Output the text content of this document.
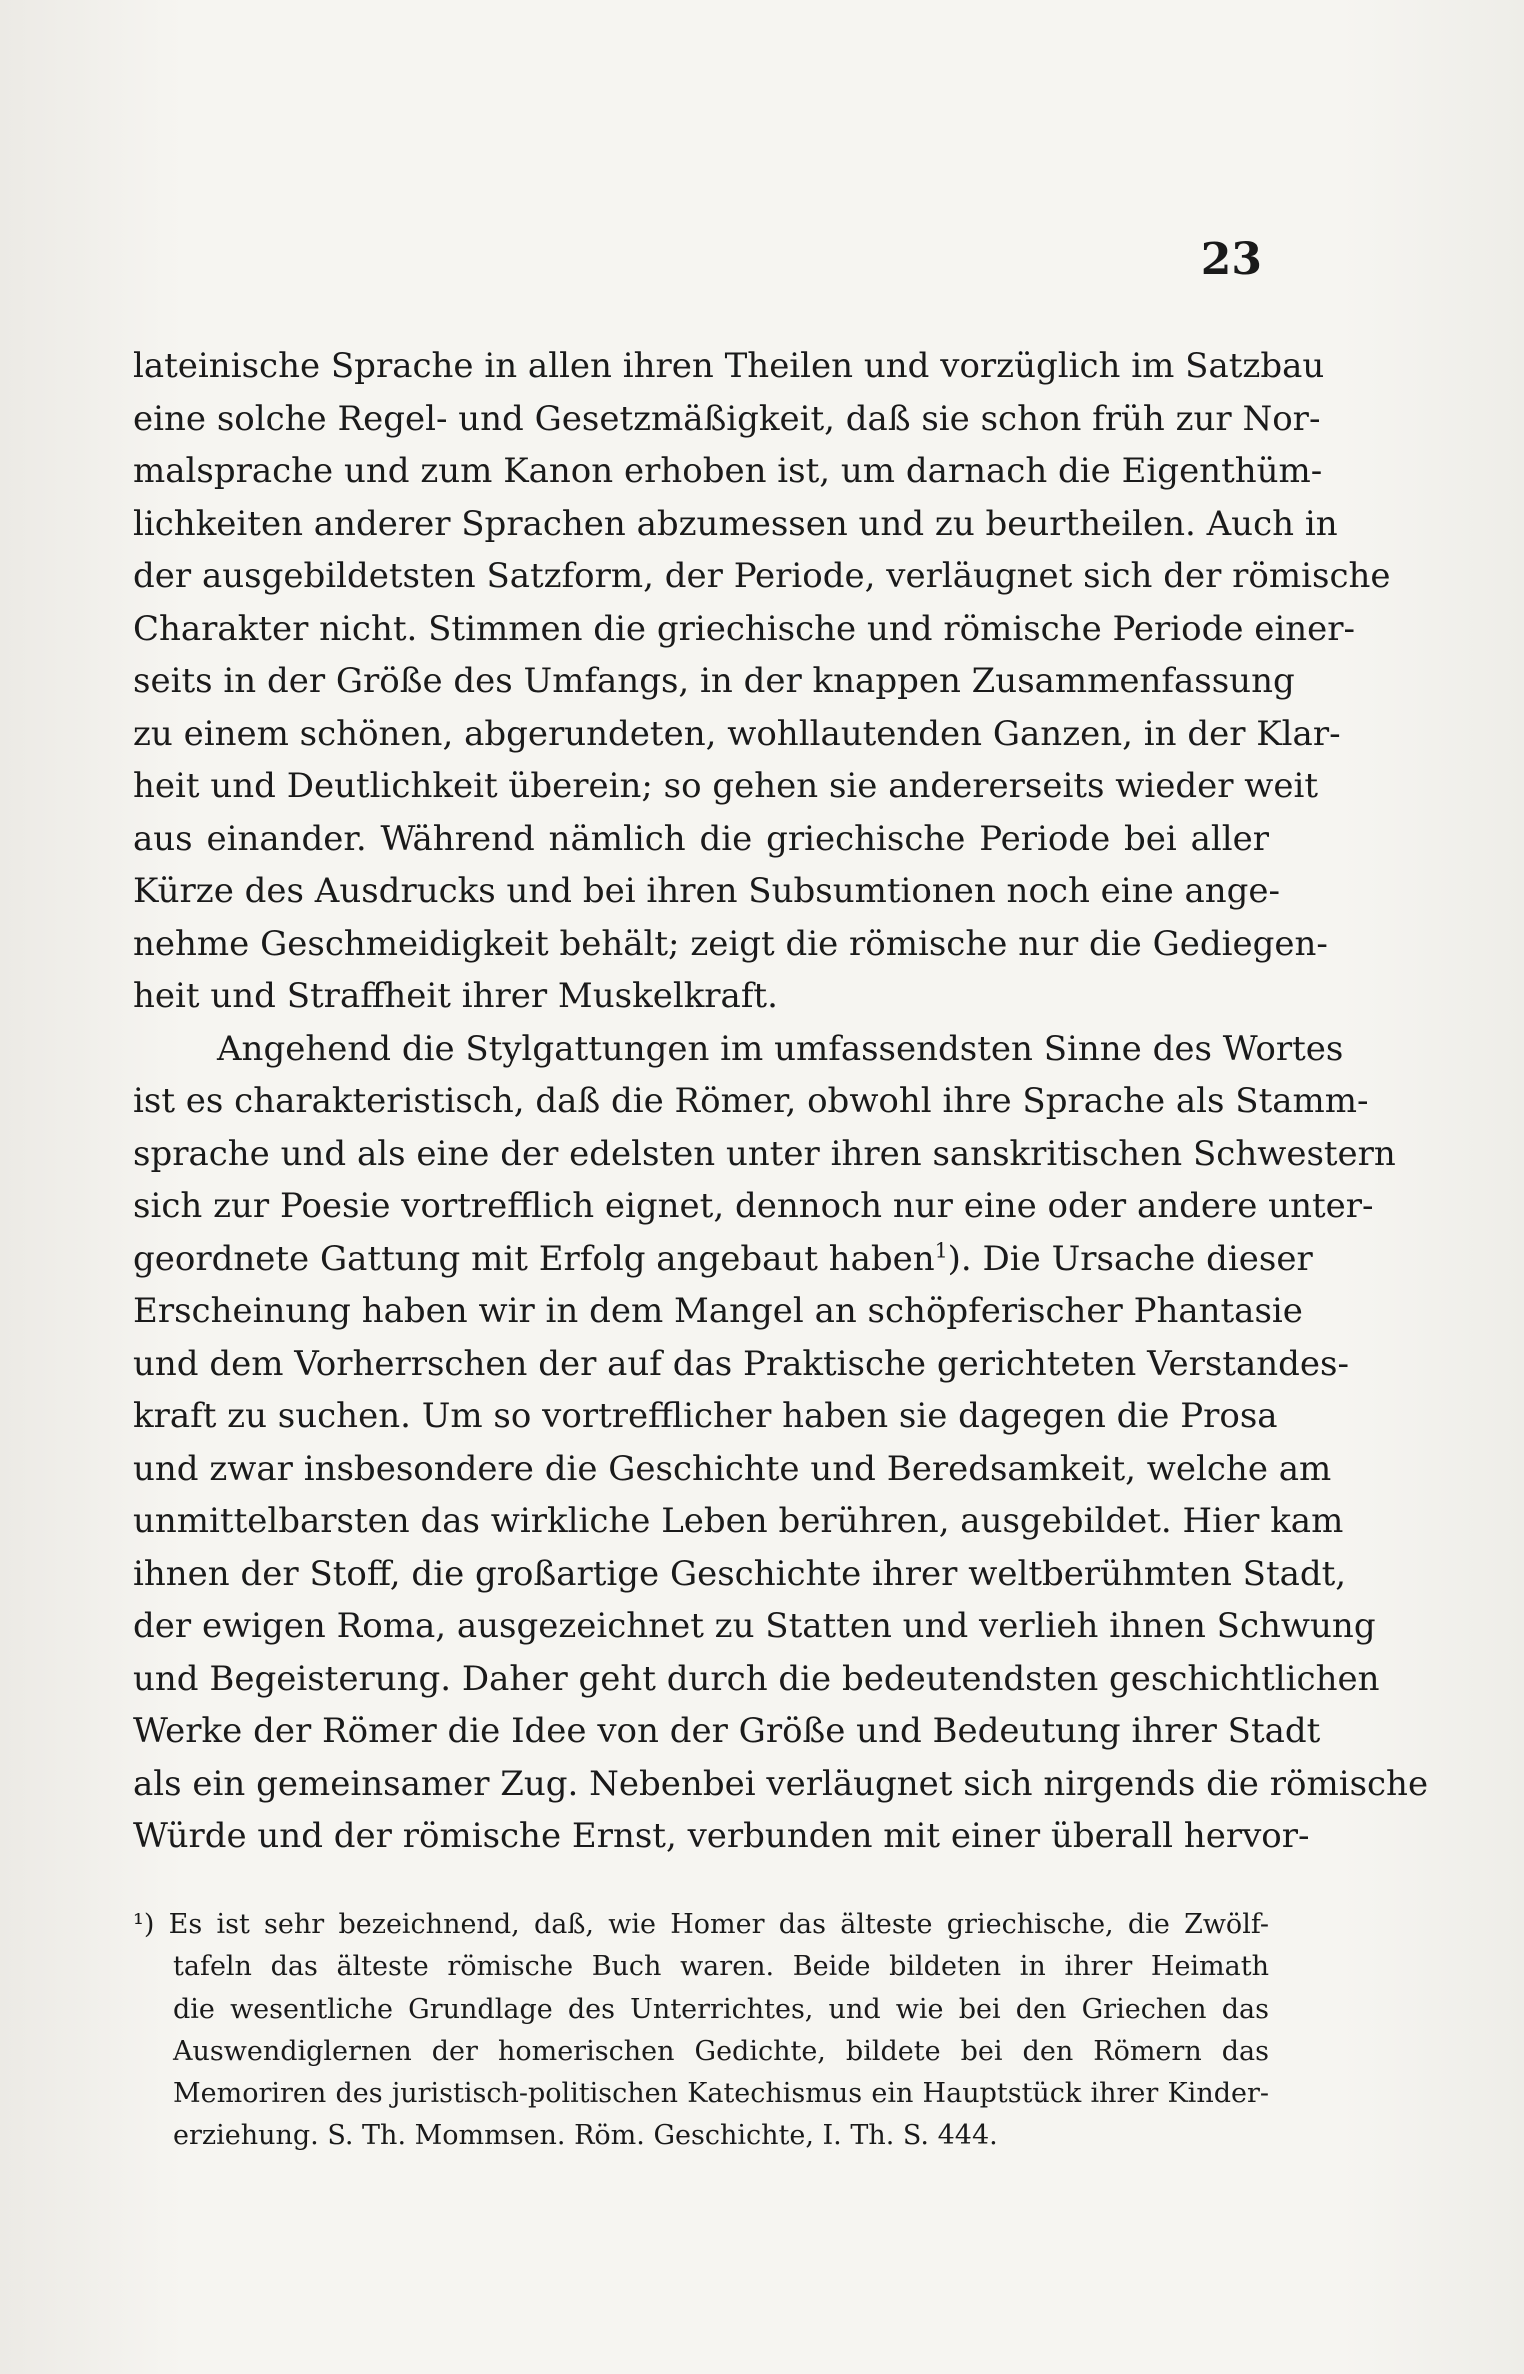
23
lateinische Sprache in allen ihren Theilen und vorzüglich im Satzbau
eine solche Regel- und Gesetzmäßigkeit, daß sie schon früh zur Nor-
malsprache und zum Kanon erhoben ist, um darnach die Eigenthüm-
lichkeiten anderer Sprachen abzumessen und zu beurtheilen. Auch in
der ausgebildetsten Satzform, der Periode, verläugnet sich der römische
Charakter nicht. Stimmen die griechische und römische Periode einer-
seits in der Größe des Umfangs, in der knappen Zusammenfassung
zu einem schönen, abgerundeten, wohllautenden Ganzen, in der Klar-
heit und Deutlichkeit überein; so gehen sie andererseits wieder weit
aus einander. Während nämlich die griechische Periode bei aller
Kürze des Ausdrucks und bei ihren Subsumtionen noch eine ange-
nehme Geschmeidigkeit behält; zeigt die römische nur die Gediegen-
heit und Straffheit ihrer Muskelkraft.
Angehend die Stylgattungen im umfassendsten Sinne des Wortes
ist es charakteristisch, daß die Römer, obwohl ihre Sprache als Stamm-
sprache und als eine der edelsten unter ihren sanskritischen Schwestern
sich zur Poesie vortrefflich eignet, dennoch nur eine oder andere unter-
geordnete Gattung mit Erfolg angebaut haben$^1$). Die Ursache dieser
Erscheinung haben wir in dem Mangel an schöpferischer Phantasie
und dem Vorherrschen der auf das Praktische gerichteten Verstandes-
kraft zu suchen. Um so vortrefflicher haben sie dagegen die Prosa
und zwar insbesondere die Geschichte und Beredsamkeit, welche am
unmittelbarsten das wirkliche Leben berühren, ausgebildet. Hier kam
ihnen der Stoff, die großartige Geschichte ihrer weltberühmten Stadt,
der ewigen Roma, ausgezeichnet zu Statten und verlieh ihnen Schwung
und Begeisterung. Daher geht durch die bedeutendsten geschichtlichen
Werke der Römer die Idee von der Größe und Bedeutung ihrer Stadt
als ein gemeinsamer Zug. Nebenbei verläugnet sich nirgends die römische
Würde und der römische Ernst, verbunden mit einer überall hervor-
¹) Es ist sehr bezeichnend, daß, wie Homer das älteste griechische, die Zwölf-
tafeln das älteste römische Buch waren. Beide bildeten in ihrer Heimath
die wesentliche Grundlage des Unterrichtes, und wie bei den Griechen das
Auswendiglernen der homerischen Gedichte, bildete bei den Römern das
Memoriren des juristisch-politischen Katechismus ein Hauptstück ihrer Kinder-
erziehung. S. Th. Mommsen. Röm. Geschichte, I. Th. S. 444.
